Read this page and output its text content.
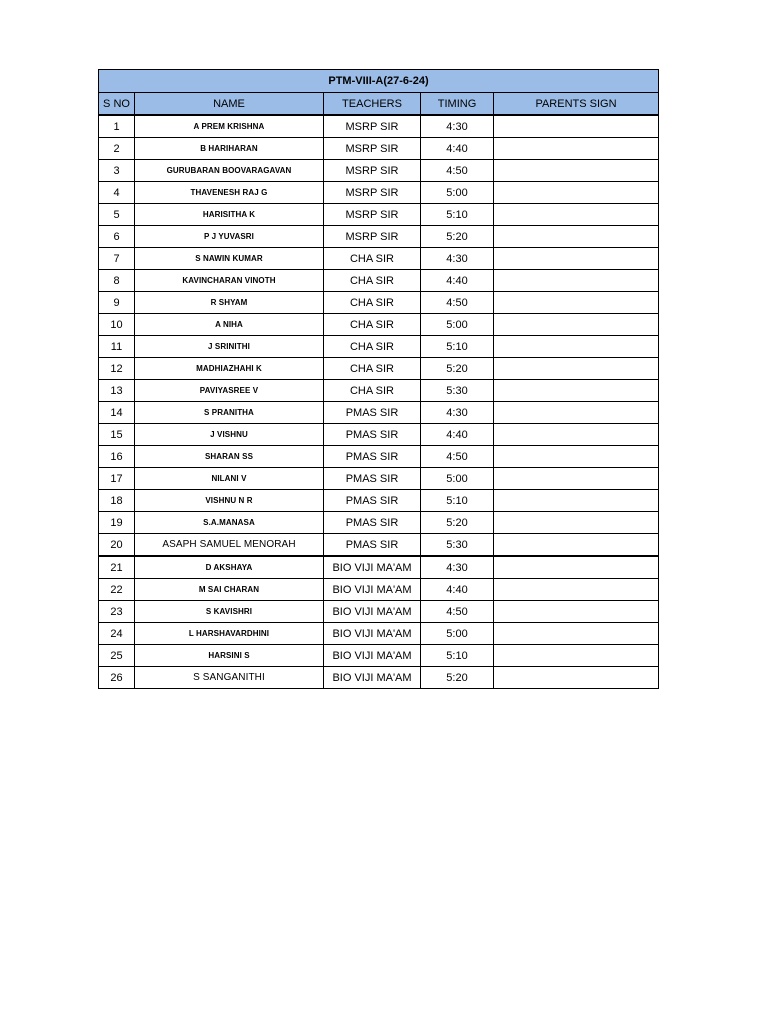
PTM-VIII-A(27-6-24)				
S NO	NAME	TEACHERS	TIMING	PARENTS SIGN
1	A PREM KRISHNA	MSRP SIR	4:30	
2	B HARIHARAN	MSRP SIR	4:40	
3	GURUBARAN BOOVARAGAVAN	MSRP SIR	4:50	
4	THAVENESH RAJ G	MSRP SIR	5:00	
5	HARISITHA K	MSRP SIR	5:10	
6	P J YUVASRI	MSRP SIR	5:20	
7	S NAWIN KUMAR	CHA SIR	4:30	
8	KAVINCHARAN VINOTH	CHA SIR	4:40	
9	R SHYAM	CHA SIR	4:50	
10	A NIHA	CHA SIR	5:00	
11	J SRINITHI	CHA SIR	5:10	
12	MADHIAZHAHI K	CHA SIR	5:20	
13	PAVIYASREE V	CHA SIR	5:30	
14	S PRANITHA	PMAS SIR	4:30	
15	J VISHNU	PMAS SIR	4:40	
16	SHARAN SS	PMAS SIR	4:50	
17	NILANI V	PMAS SIR	5:00	
18	VISHNU N R	PMAS SIR	5:10	
19	S.A.MANASA	PMAS SIR	5:20	
20	ASAPH SAMUEL MENORAH	PMAS SIR	5:30	
21	D AKSHAYA	BIO VIJI MA'AM	4:30	
22	M SAI CHARAN	BIO VIJI MA'AM	4:40	
23	S KAVISHRI	BIO VIJI MA'AM	4:50	
24	L HARSHAVARDHINI	BIO VIJI MA'AM	5:00	
25	HARSINI S	BIO VIJI MA'AM	5:10	
26	S SANGANITHI	BIO VIJI MA'AM	5:20	
